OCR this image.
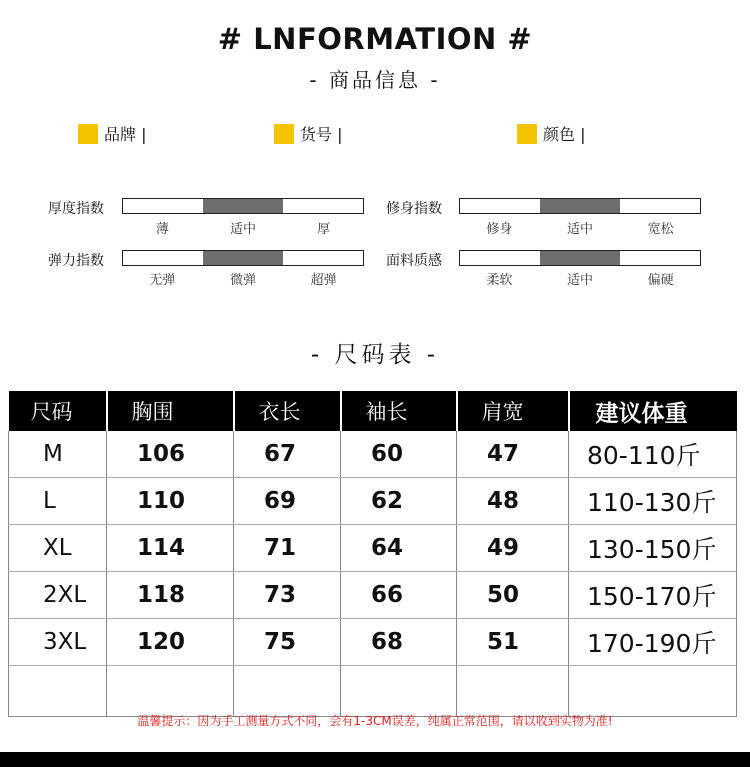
# LNFORMATION #
- 商品信息 -
品牌 |	货号 |	颜色 |
厚度指数
薄	适中	厚
修身指数
修身	适中	宽松
弹力指数
无弹	微弹	超弹
面料质感
柔软	适中	偏硬
- 尺码表 -
尺码	胸围	衣长	袖长	肩宽	建议体重
M	106	67	60	47	80-110斤
L	110	69	62	48	110-130斤
XL	114	71	64	49	130-150斤
2XL	118	73	66	50	150-170斤
3XL	120	75	68	51	170-190斤

温馨提示：因为手工测量方式不同，会有1-3CM误差，纯属正常范围，请以收到实物为准!
